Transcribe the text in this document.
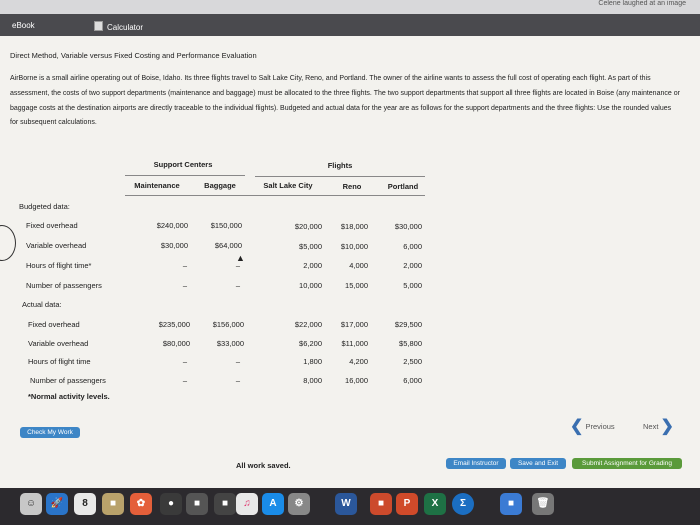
Celene laughed at an image
eBook	Calculator
Direct Method, Variable versus Fixed Costing and Performance Evaluation
AirBorne is a small airline operating out of Boise, Idaho. Its three flights travel to Salt Lake City, Reno, and Portland. The owner of the airline wants to assess the full cost of operating each flight. As part of this assessment, the costs of two support departments (maintenance and baggage) must be allocated to the three flights. The two support departments that support all three flights are located in Boise (any maintenance or baggage costs at the destination airports are directly traceable to the individual flights). Budgeted and actual data for the year are as follows for the support departments and the three flights: Use the rounded values for subsequent calculations.
Support Centers	Flights
Maintenance	Baggage	Salt Lake City	Reno	Portland
Budgeted data:
Fixed overhead	$240,000	$150,000	$20,000	$18,000	$30,000
Variable overhead	$30,000	$64,000	$5,000	$10,000	6,000
Hours of flight time*	–	–	2,000	4,000	2,000
Number of passengers	–	–	10,000	15,000	5,000
Actual data:
Fixed overhead	$235,000	$156,000	$22,000	$17,000	$29,500
Variable overhead	$80,000	$33,000	$6,200	$11,000	$5,800
Hours of flight time	–	–	1,800	4,200	2,500
Number of passengers	–	–	8,000	16,000	6,000
*Normal activity levels.
▲
Check My Work	❮ Previous	Next ❯
All work saved.	Email Instructor	Save and Exit	Submit Assignment for Grading
☺	🚀	8	■	✿	●	■	■	♫	A	⚙	W	■	P	X	Σ	■	🗑
